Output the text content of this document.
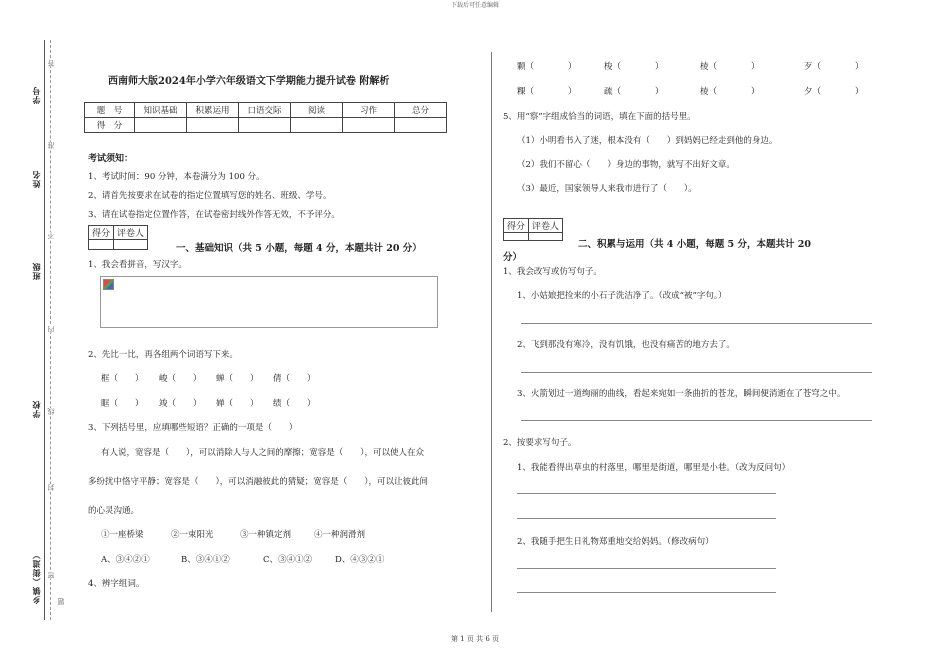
下载后可任意编辑
第 1 页 共 6 页
学号
姓名
班级
学校
乡镇（街道）
答
准
不
内
线
封
密
题
西南师大版2024年小学六年级语文下学期能力提升试卷 附解析
题　号	知识基础	积累运用	口语交际	阅读	习作	总分
得　分						
考试须知：
1、考试时间：90 分钟，本卷满分为 100 分。
2、请首先按要求在试卷的指定位置填写您的姓名、班级、学号。
3、请在试卷指定位置作答，在试卷密封线外作答无效，不予评分。
得分	评卷人

一、基础知识（共 5 小题，每题 4 分，本题共计 20 分）
1、我会看拼音，写汉字。
2、先比一比，再各组两个词语写下来。
框（　　） 峻（　　） 蝉（　　） 倩（　　）
眶（　　） 竣（　　） 婵（　　） 绩（　　）
3、下列括号里，应填哪些短语？正确的一项是（　　）
有人说，宽容是（　　），可以消除人与人之间的摩擦；宽容是（　　），可以使人在众
多纷扰中恪守平静；宽容是（　　），可以消融彼此的猜疑；宽容是（　　），可以让彼此间
的心灵沟通。
①一座桥梁	②一束阳光	③一种镇定剂	④一种润滑剂
A、③④②①	B、③④①②	C、③④①②	D、④③②①
4、辨字组词。
颗（　　　　）	梭（　　　　）	棱（　　　　）	歹（　　　　）
粿（　　　　）	疏（　　　　）	棱（　　　　）	夕（　　　　）
5、用“察”字组成恰当的词语，填在下面的括号里。
（1）小明看书入了迷，根本没有（　　）到妈妈已经走到他的身边。
（2）我们不留心（　　）身边的事物，就写不出好文章。
（3）最近，国家领导人来我市进行了（　　）。
得分	评卷人

二、积累与运用（共 4 小题，每题 5 分，本题共计 20
分）
1、我会改写或仿写句子。
1、小姑娘把捡来的小石子洗洁净了。（改成“被”字句。）
2、飞到那没有寒冷，没有饥饿，也没有痛苦的地方去了。
3、火箭划过一道绚丽的曲线，看起来宛如一条曲折的苍龙，瞬间便消逝在了苍穹之中。
2、按要求写句子。
1、我能看得出草虫的村落里，哪里是街道，哪里是小巷。（改为反问句）
2、我随手把生日礼物郑重地交给妈妈。（修改病句）
